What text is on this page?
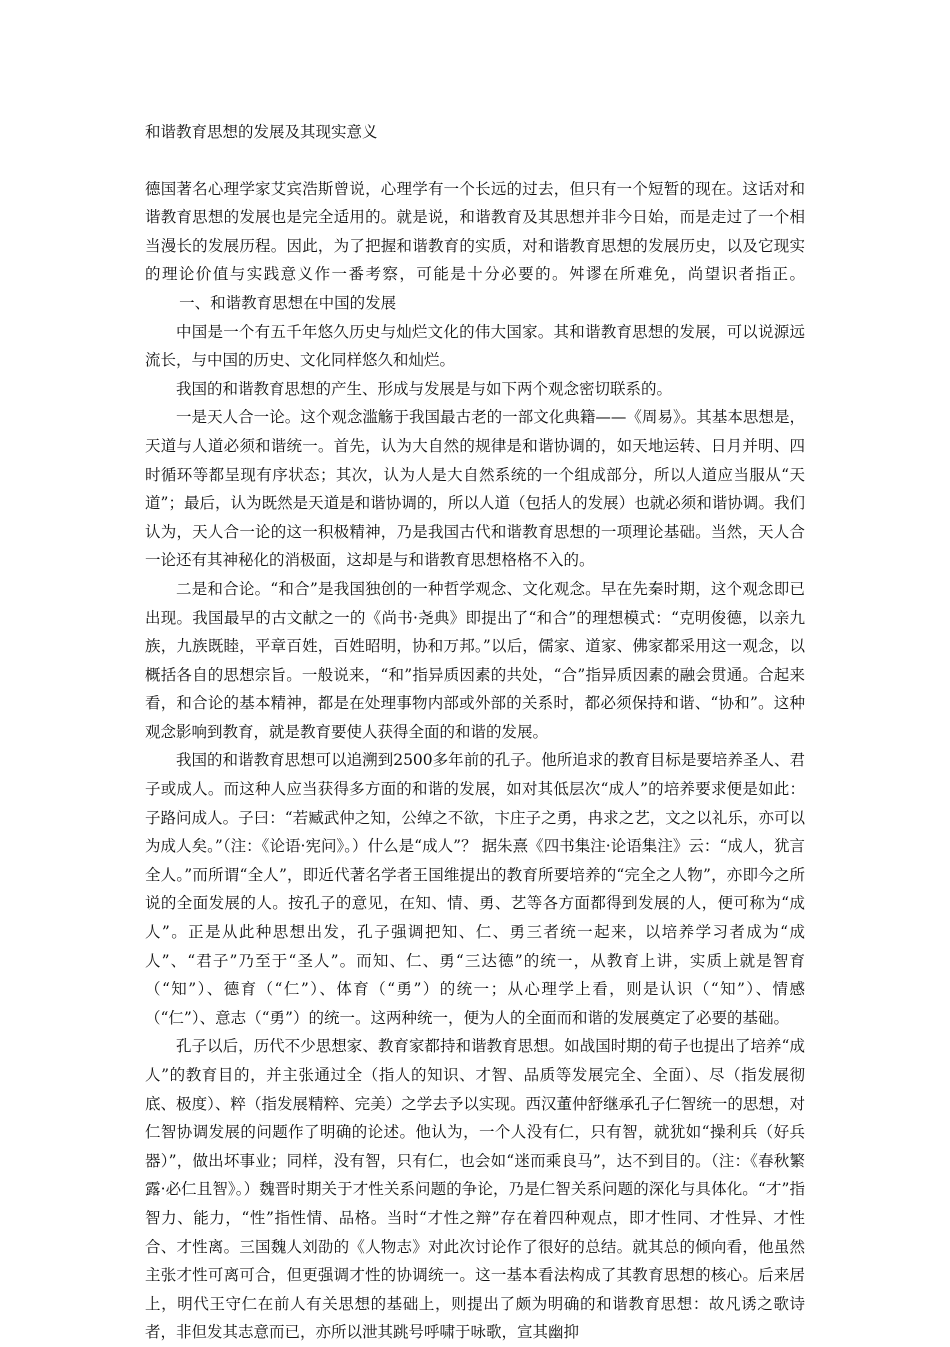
和谐教育思想的发展及其现实意义

德国著名心理学家艾宾浩斯曾说，心理学有一个长远的过去，但只有一个短暂的现在。这话对和谐教育思想的发展也是完全适用的。就是说，和谐教育及其思想并非今日始，而是走过了一个相当漫长的发展历程。因此，为了把握和谐教育的实质，对和谐教育思想的发展历史，以及它现实的理论价值与实践意义作一番考察，可能是十分必要的。舛谬在所难免，尚望识者指正。一、和谐教育思想在中国的发展

中国是一个有五千年悠久历史与灿烂文化的伟大国家。其和谐教育思想的发展，可以说源远流长，与中国的历史、文化同样悠久和灿烂。

我国的和谐教育思想的产生、形成与发展是与如下两个观念密切联系的。

一是天人合一论。这个观念滥觞于我国最古老的一部文化典籍——《周易》。其基本思想是，天道与人道必须和谐统一。首先，认为大自然的规律是和谐协调的，如天地运转、日月并明、四时循环等都呈现有序状态；其次，认为人是大自然系统的一个组成部分，所以人道应当服从“天道”；最后，认为既然是天道是和谐协调的，所以人道（包括人的发展）也就必须和谐协调。我们认为，天人合一论的这一积极精神，乃是我国古代和谐教育思想的一项理论基础。当然，天人合一论还有其神秘化的消极面，这却是与和谐教育思想格格不入的。

二是和合论。“和合”是我国独创的一种哲学观念、文化观念。早在先秦时期，这个观念即已出现。我国最早的古文献之一的《尚书·尧典》即提出了“和合”的理想模式：“克明俊德，以亲九族，九族既睦，平章百姓，百姓昭明，协和万邦。”以后，儒家、道家、佛家都采用这一观念，以概括各自的思想宗旨。一般说来，“和”指异质因素的共处，“合”指异质因素的融会贯通。合起来看，和合论的基本精神，都是在处理事物内部或外部的关系时，都必须保持和谐、“协和”。这种观念影响到教育，就是教育要使人获得全面的和谐的发展。

我国的和谐教育思想可以追溯到2500多年前的孔子。他所追求的教育目标是要培养圣人、君子或成人。而这种人应当获得多方面的和谐的发展，如对其低层次“成人”的培养要求便是如此：子路问成人。子曰：“若臧武仲之知，公绰之不欲，卞庄子之勇，冉求之艺，文之以礼乐，亦可以为成人矣。”（注：《论语·宪问》。）什么是“成人”？ 据朱熹《四书集注·论语集注》云：“成人，犹言全人。”而所谓“全人”，即近代著名学者王国维提出的教育所要培养的“完全之人物”，亦即今之所说的全面发展的人。按孔子的意见，在知、情、勇、艺等各方面都得到发展的人，便可称为“成人”。正是从此种思想出发，孔子强调把知、仁、勇三者统一起来，以培养学习者成为“成人”、“君子”乃至于“圣人”。而知、仁、勇“三达德”的统一，从教育上讲，实质上就是智育（“知”）、德育（“仁”）、体育（“勇”）的统一；从心理学上看，则是认识（“知”）、情感（“仁”）、意志（“勇”）的统一。这两种统一，便为人的全面而和谐的发展奠定了必要的基础。

孔子以后，历代不少思想家、教育家都持和谐教育思想。如战国时期的荀子也提出了培养“成人”的教育目的，并主张通过全（指人的知识、才智、品质等发展完全、全面）、尽（指发展彻底、极度）、粹（指发展精粹、完美）之学去予以实现。西汉董仲舒继承孔子仁智统一的思想，对仁智协调发展的问题作了明确的论述。他认为，一个人没有仁，只有智，就犹如“操利兵（好兵器）”，做出坏事业；同样，没有智，只有仁，也会如“迷而乘良马”，达不到目的。（注：《春秋繁露·必仁且智》。）魏晋时期关于才性关系问题的争论，乃是仁智关系问题的深化与具体化。“才”指智力、能力，“性”指性情、品格。当时“才性之辩”存在着四种观点，即才性同、才性异、才性合、才性离。三国魏人刘劭的《人物志》对此次讨论作了很好的总结。就其总的倾向看，他虽然主张才性可离可合，但更强调才性的协调统一。这一基本看法构成了其教育思想的核心。后来居上，明代王守仁在前人有关思想的基础上，则提出了颇为明确的和谐教育思想：故凡诱之歌诗者，非但发其志意而已，亦所以泄其跳号呼啸于咏歌，宣其幽抑
